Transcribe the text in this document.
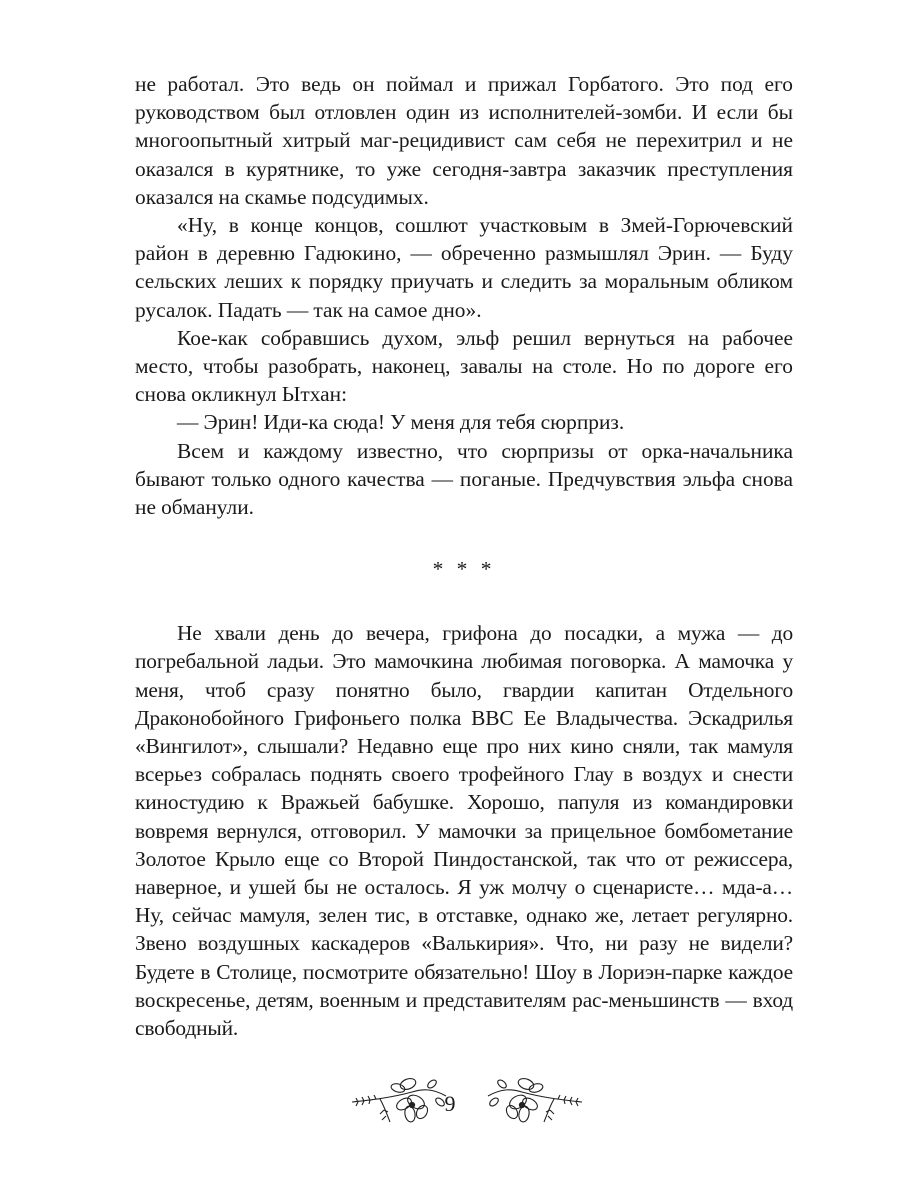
не работал. Это ведь он поймал и прижал Горбатого. Это под его руководством был отловлен один из исполнителей-зомби. И если бы многоопытный хитрый маг-рецидивист сам себя не перехитрил и не оказался в курятнике, то уже сегодня-завтра заказчик преступления оказался на скамье подсудимых.

«Ну, в конце концов, сошлют участковым в Змей-Горючевский район в деревню Гадюкино, — обреченно размышлял Эрин. — Буду сельских леших к порядку приучать и следить за моральным обликом русалок. Падать — так на самое дно».

Кое-как собравшись духом, эльф решил вернуться на рабочее место, чтобы разобрать, наконец, завалы на столе. Но по дороге его снова окликнул Ытхан:

— Эрин! Иди-ка сюда! У меня для тебя сюрприз.

Всем и каждому известно, что сюрпризы от орка-начальника бывают только одного качества — поганые. Предчувствия эльфа снова не обманули.

* * *

Не хвали день до вечера, грифона до посадки, а мужа — до погребальной ладьи. Это мамочкина любимая поговорка. А мамочка у меня, чтоб сразу понятно было, гвардии капитан Отдельного Драконобойного Грифоньего полка ВВС Ее Владычества. Эскадрилья «Вингилот», слышали? Недавно еще про них кино сняли, так мамуля всерьез собралась поднять своего трофейного Глау в воздух и снести киностудию к Вражьей бабушке. Хорошо, папуля из командировки вовремя вернулся, отговорил. У мамочки за прицельное бомбометание Золотое Крыло еще со Второй Пиндостанской, так что от режиссера, наверное, и ушей бы не осталось. Я уж молчу о сценаристе… мда-а… Ну, сейчас мамуля, зелен тис, в отставке, однако же, летает регулярно. Звено воздушных каскадеров «Валькирия». Что, ни разу не видели? Будете в Столице, посмотрите обязательно! Шоу в Лориэн-парке каждое воскресенье, детям, военным и представителям рас-меньшинств — вход свободный.

9
